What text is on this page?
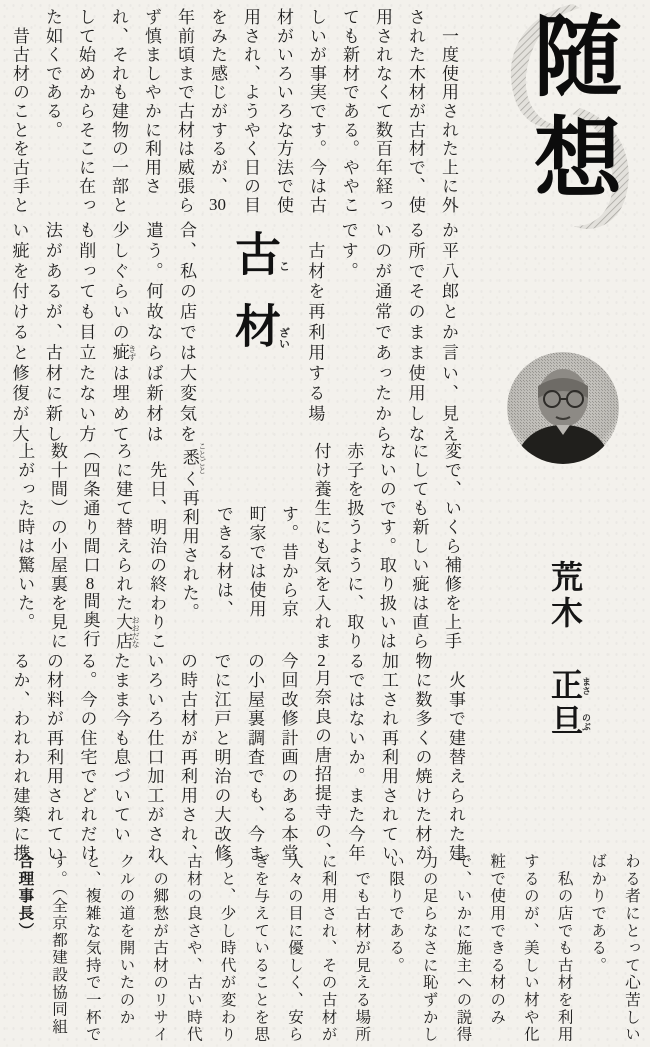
随想
古こ材ざい
荒木　正まさ旦のぶ
　一度使用された上に外
された木材が古材で、使
用されなくて数百年経っ
ても新材である。ややこ
しいが事実です。今は古
材がいろいろな方法で使
用され、ようやく日の目
をみた感じがするが、30
年前頃まで古材は威張ら
ず慎ましやかに利用さ
れ、それも建物の一部と
して始めからそこに在っ
た如くである。
　昔古材のことを古手と
か平八郎とか言い、見え
る所でそのまま使用しな
いのが通常であったから
です。
　古材を再利用する場
合、私の店では大変気を
遣う。何故ならば新材は
少しぐらいの疵 きずは埋めて
も削っても目立たない方
法があるが、古材に新し
い疵を付けると修復が大
変で、いくら補修を上手
にしても新しい疵は直ら
ないのです。取り扱いは
赤子を扱うように、取り
付け養生にも気を入れま
す。昔から京
町家では使用
できる材は、
悉 ことごとく再利用された。
　先日、明治の終わりこ
ろに建て替えられた大店 おおだな
（四条通り間口8間奥行
数十間）の小屋裏を見に
上がった時は驚いた。
　火事で建替えられた建
物に数多くの焼けた材が
加工され再利用されてい
るではないか。また今年
2月奈良の唐招提寺の、
今回改修計画のある本堂
の小屋裏調査でも、今ま
でに江戸と明治の大改修
の時古材が再利用され、
いろいろ仕口加工がされ
たまま今も息づいてい
る。今の住宅でどれだけ
の材料が再利用されてい
るか、われわれ建築に携
わる者にとって心苦しい
ばかりである。
　私の店でも古材を利用
するのが、美しい材や化
粧で使用できる材のみ
で、いかに施主への説得
力の足らなさに恥ずかし
い限りである。
　でも古材が見える場所
に利用され、その古材が
人々の目に優しく、安ら
ぎを与えていることを思
うと、少し時代が変わり
古材の良さや、古い時代
への郷愁が古材のリサイ
クルの道を開いたのか
と、複雑な気持で一杯で
す。（全京都建設協同組
合理事長）
